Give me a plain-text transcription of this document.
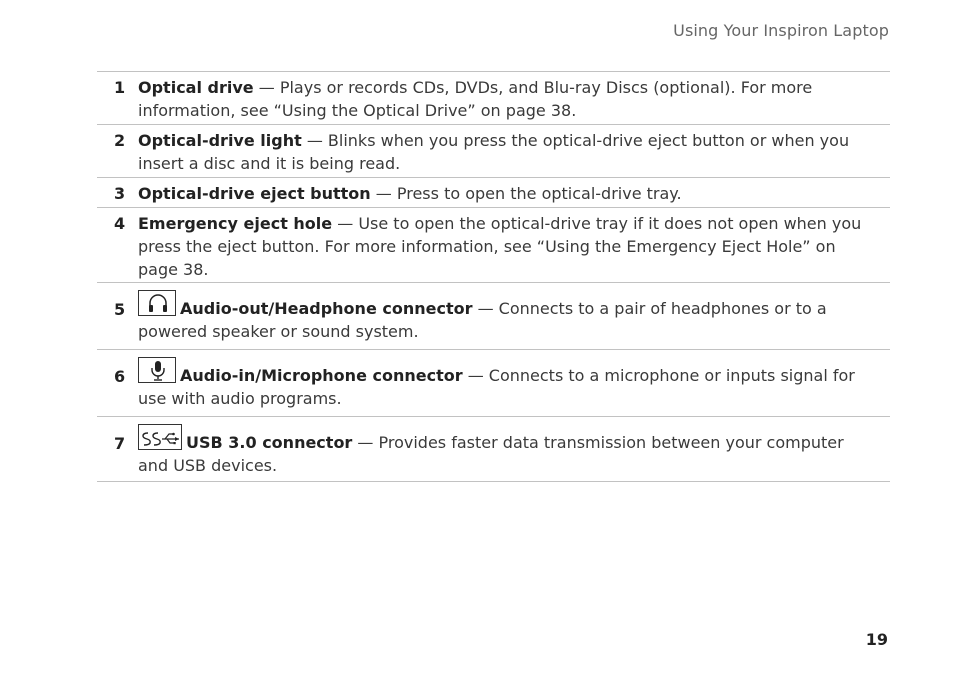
Using Your Inspiron Laptop
1 Optical drive — Plays or records CDs, DVDs, and Blu-ray Discs (optional). For more information, see “Using the Optical Drive” on page 38.
2 Optical-drive light — Blinks when you press the optical-drive eject button or when you insert a disc and it is being read.
3 Optical-drive eject button — Press to open the optical-drive tray.
4 Emergency eject hole — Use to open the optical-drive tray if it does not open when you press the eject button. For more information, see “Using the Emergency Eject Hole” on page 38.
5	Audio-out/Headphone connector — Connects to a pair of headphones or to a powered speaker or sound system.
6	Audio-in/Microphone connector — Connects to a microphone or inputs signal for use with audio programs.
7	USB 3.0 connector — Provides faster data transmission between your computer and USB devices.
19
